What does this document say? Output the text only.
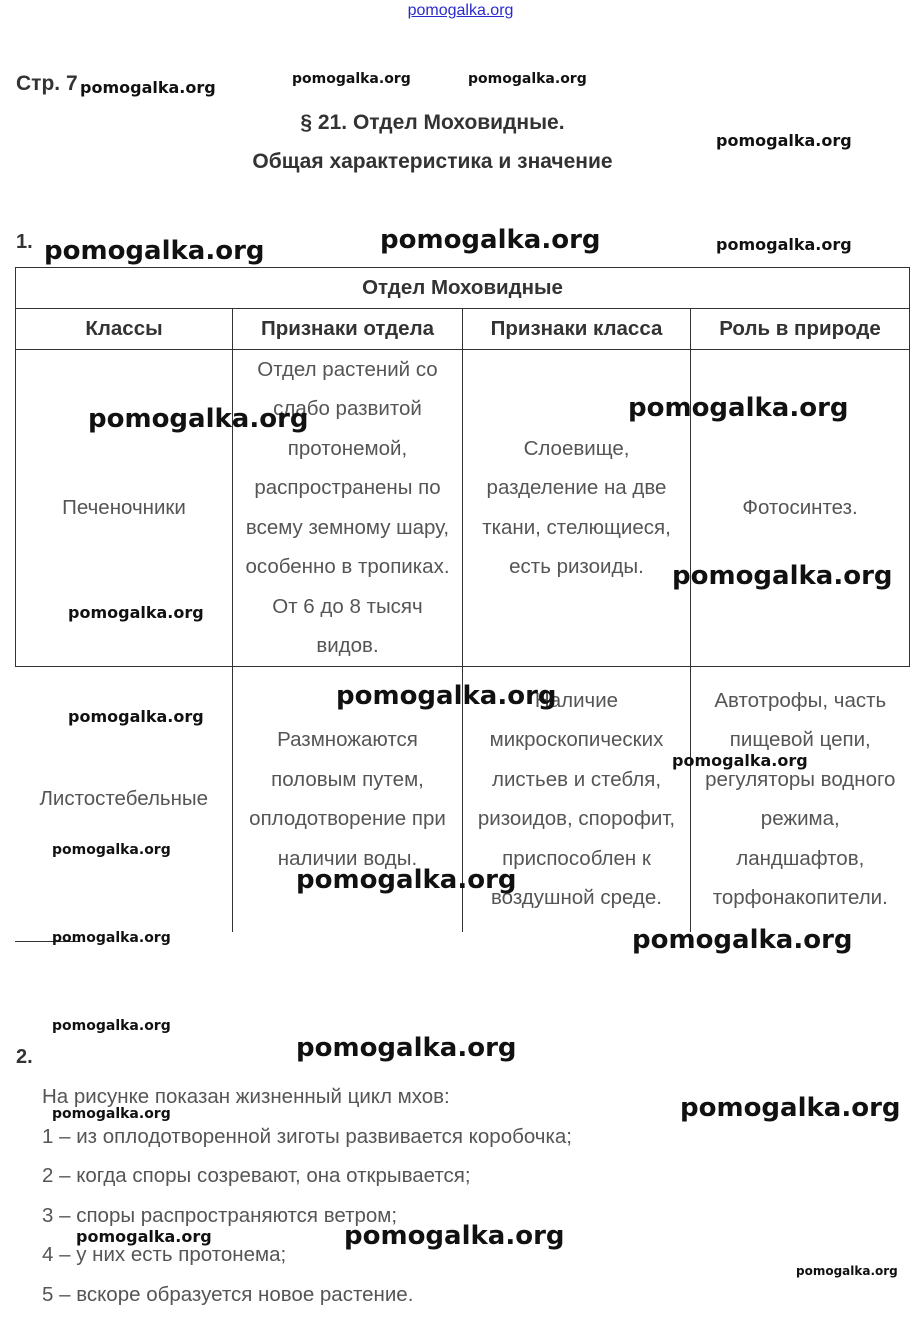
pomogalka.org
Стр. 7
§ 21. Отдел Моховидные.
Общая характеристика и значение
1.
Отдел Моховидные			
Классы	Признаки отдела	Признаки класса	Роль в природе

Печеночники	Отдел растений со слабо развитой протонемой, распространены по всему земному шару, особенно в тропиках. От 6 до 8 тысяч видов.	Слоевище, разделение на две ткани, стелющиеся, есть ризоиды.	Фотосинтез.

Листостебельные	Размножаются половым путем, оплодотворение при наличии воды.	Наличие микроскопических листьев и стебля, ризоидов, спорофит, приспособлен к воздушной среде.	Автотрофы, часть пищевой цепи, регуляторы водного режима, ландшафтов, торфонакопители.
2.
На рисунке показан жизненный цикл мхов:
1 – из оплодотворенной зиготы развивается коробочка;
2 – когда споры созревают, она открывается;
3 – споры распространяются ветром;
4 – у них есть протонема;
5 – вскоре образуется новое растение.
pomogalka.org	pomogalka.org	pomogalka.org
pomogalka.org
pomogalka.org	pomogalka.org	pomogalka.org
pomogalka.org	pomogalka.org
pomogalka.org
pomogalka.org
pomogalka.org
pomogalka.org
pomogalka.org
pomogalka.org
pomogalka.org
pomogalka.org	pomogalka.org
pomogalka.org
pomogalka.org
pomogalka.org
pomogalka.org
pomogalka.org	pomogalka.org
pomogalka.org
